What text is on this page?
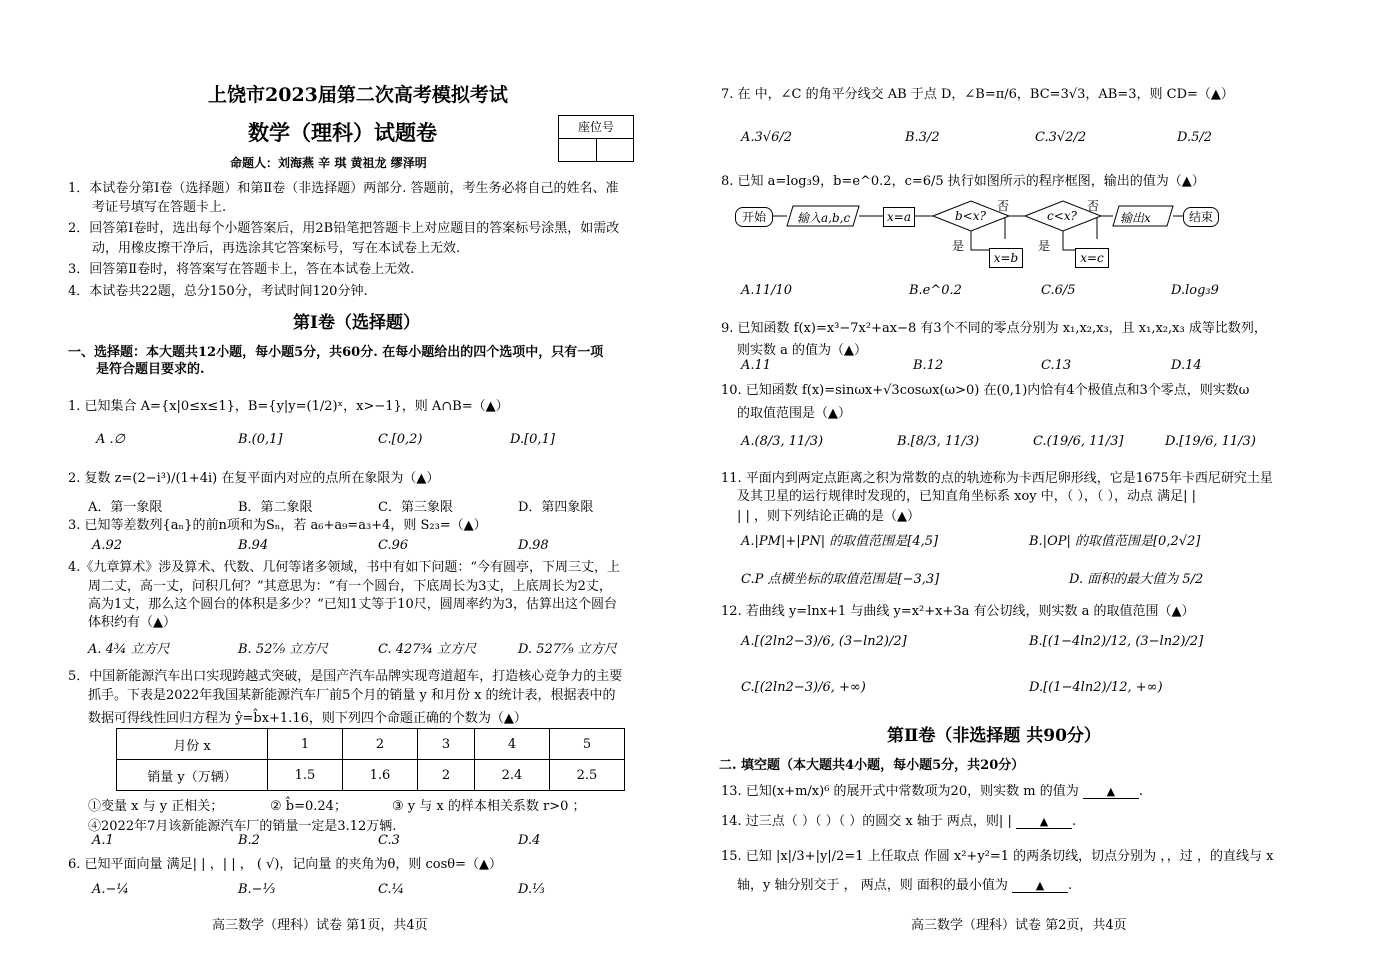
上饶市2023届第二次高考模拟考试
数学（理科）试题卷	座位号
命题人：刘海燕 辛 琪 黄祖龙 缪泽明
1．本试卷分第Ⅰ卷（选择题）和第Ⅱ卷（非选择题）两部分. 答题前，考生务必将自己的姓名、准
考证号填写在答题卡上.
2．回答第Ⅰ卷时，选出每个小题答案后，用2B铅笔把答题卡上对应题目的答案标号涂黑，如需改
动，用橡皮擦干净后，再选涂其它答案标号，写在本试卷上无效.
3．回答第Ⅱ卷时，将答案写在答题卡上，答在本试卷上无效.
4．本试卷共22题，总分150分，考试时间120分钟.
第Ⅰ卷（选择题）
一、选择题：本大题共12小题，每小题5分，共60分. 在每小题给出的四个选项中，只有一项
是符合题目要求的.
1. 已知集合 A={x|0≤x≤1}，B={y|y=(1/2)ˣ，x>−1}，则 A∩B=（▲）
A .∅	B.(0,1]	C.[0,2)	D.[0,1]
2. 复数 z=(2−i³)/(1+4i) 在复平面内对应的点所在象限为（▲）
A．第一象限	B．第二象限	C．第三象限	D．第四象限
3. 已知等差数列{aₙ}的前n项和为Sₙ，若 a₆+a₉=a₃+4，则 S₂₃=（▲）
A.92	B.94	C.96	D.98
4.《九章算术》涉及算术、代数、几何等诸多领域，书中有如下问题：“今有圆亭，下周三丈，上
周二丈，高一丈，问积几何？”其意思为：“有一个圆台，下底周长为3丈，上底周长为2丈，
高为1丈，那么这个圆台的体积是多少？”已知1丈等于10尺，圆周率约为3，估算出这个圆台
体积约有（▲）
A. 4¾ 立方尺	B. 52⁷⁄₉ 立方尺	C. 427¾ 立方尺	D. 527⁷⁄₉ 立方尺
5．中国新能源汽车出口实现跨越式突破，是国产汽车品牌实现弯道超车，打造核心竞争力的主要
抓手。下表是2022年我国某新能源汽车厂前5个月的销量 y 和月份 x 的统计表，根据表中的
数据可得线性回归方程为 ŷ=b̂x+1.16，则下列四个命题正确的个数为（▲）
月份 x	1	2	3	4	5
销量 y（万辆）	1.5	1.6	2	2.4	2.5
①变量 x 与 y 正相关；	② b̂=0.24；	③ y 与 x 的样本相关系数 r>0 ；
④2022年7月该新能源汽车厂的销量一定是3.12万辆.
A.1	B.2	C.3	D.4
6. 已知平面向量 满足| | ，| | ， ( √)，记向量 的夹角为θ，则 cosθ=（▲）
A.−¼	B.−⅓	C.¼	D.⅓
高三数学（理科）试卷 第1页，共4页
7. 在 中，∠C 的角平分线交 AB 于点 D，∠B=π/6，BC=3√3，AB=3，则 CD=（▲）
A.3√6/2	B.3/2	C.3√2/2	D.5/2
8. 已知 a=log₃9，b=e^0.2，c=6/5 执行如图所示的程序框图，输出的值为（▲）
开始	输入a,b,c	x=a	b<x?
否
是
x=b
c<x?
否
是
x=c
输出x	结束
A.11/10	B.e^0.2	C.6/5	D.log₃9
9. 已知函数 f(x)=x³−7x²+ax−8 有3个不同的零点分别为 x₁,x₂,x₃，且 x₁,x₂,x₃ 成等比数列，
则实数 a 的值为（▲）
A.11	B.12	C.13	D.14
10. 已知函数 f(x)=sinωx+√3cosωx(ω>0) 在(0,1)内恰有4个极值点和3个零点，则实数ω
的取值范围是（▲）
A.(8/3, 11/3)	B.[8/3, 11/3)	C.(19/6, 11/3]	D.[19/6, 11/3)
11. 平面内到两定点距离之积为常数的点的轨迹称为卡西尼卵形线，它是1675年卡西尼研究土星
及其卫星的运行规律时发现的，已知直角坐标系 xoy 中，（ ），（ ），动点 满足| |
| | ，则下列结论正确的是（▲）
A.|PM|+|PN| 的取值范围是[4,5]	B.|OP| 的取值范围是[0,2√2]
C.P 点横坐标的取值范围是[−3,3]	D. 面积的最大值为 5/2
12. 若曲线 y=lnx+1 与曲线 y=x²+x+3a 有公切线，则实数 a 的取值范围（▲）
A.[(2ln2−3)/6, (3−ln2)/2]	B.[(1−4ln2)/12, (3−ln2)/2]
C.[(2ln2−3)/6, +∞)	D.[(1−4ln2)/12, +∞)
第Ⅱ卷（非选择题 共90分）
二. 填空题（本大题共4小题，每小题5分，共20分）
13. 已知(x+m/x)⁶ 的展开式中常数项为20，则实数 m 的值为	▲ .
14. 过三点（ ）（ ）（ ）的圆交 x 轴于 两点，则| |	▲ .
15. 已知 |x|/3+|y|/2=1 上任取点 作圆 x²+y²=1 的两条切线，切点分别为 ，，过 ，的直线与 x
轴，y 轴分别交于 ， 两点，则 面积的最小值为	▲ .
高三数学（理科）试卷 第2页，共4页
